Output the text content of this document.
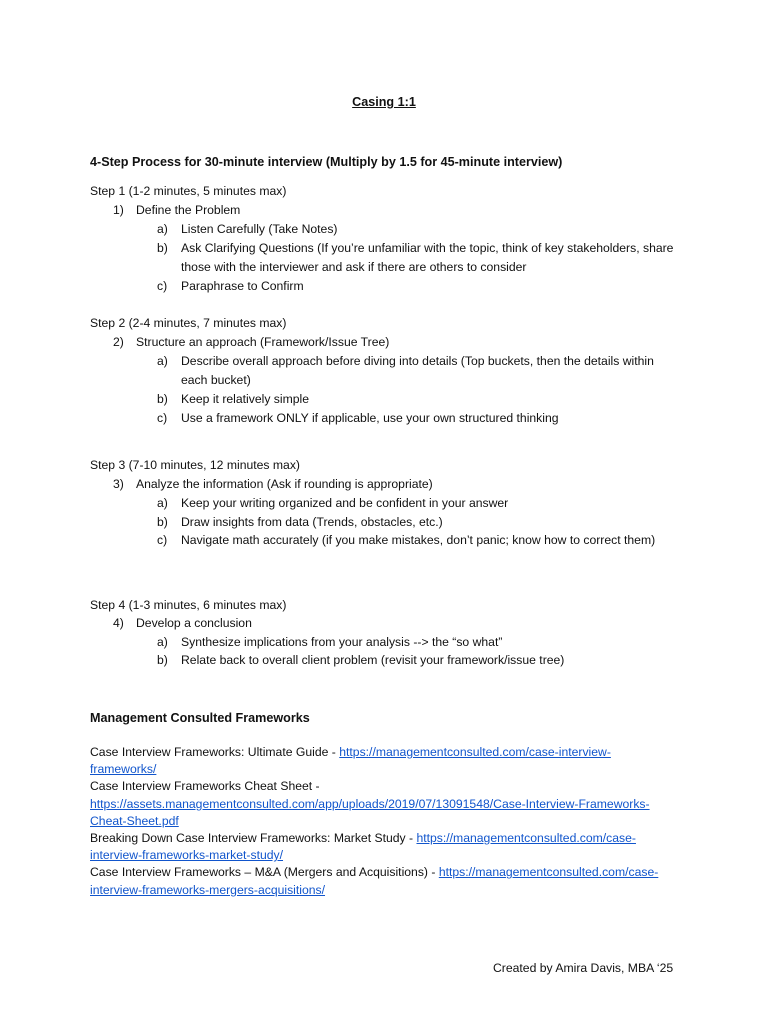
Casing 1:1
4-Step Process for 30-minute interview (Multiply by 1.5 for 45-minute interview)
Step 1 (1-2 minutes, 5 minutes max)
1) Define the Problem
a) Listen Carefully (Take Notes)
b) Ask Clarifying Questions (If you’re unfamiliar with the topic, think of key stakeholders, share those with the interviewer and ask if there are others to consider
c) Paraphrase to Confirm
Step 2 (2-4 minutes, 7 minutes max)
2) Structure an approach (Framework/Issue Tree)
a) Describe overall approach before diving into details (Top buckets, then the details within each bucket)
b) Keep it relatively simple
c) Use a framework ONLY if applicable, use your own structured thinking
Step 3 (7-10 minutes, 12 minutes max)
3) Analyze the information (Ask if rounding is appropriate)
a) Keep your writing organized and be confident in your answer
b) Draw insights from data (Trends, obstacles, etc.)
c) Navigate math accurately (if you make mistakes, don’t panic; know how to correct them)
Step 4 (1-3 minutes, 6 minutes max)
4) Develop a conclusion
a) Synthesize implications from your analysis --> the “so what”
b) Relate back to overall client problem (revisit your framework/issue tree)
Management Consulted Frameworks
Case Interview Frameworks: Ultimate Guide - https://managementconsulted.com/case-interview-frameworks/
Case Interview Frameworks Cheat Sheet - https://assets.managementconsulted.com/app/uploads/2019/07/13091548/Case-Interview-Frameworks-Cheat-Sheet.pdf
Breaking Down Case Interview Frameworks: Market Study - https://managementconsulted.com/case-interview-frameworks-market-study/
Case Interview Frameworks – M&A (Mergers and Acquisitions) - https://managementconsulted.com/case-interview-frameworks-mergers-acquisitions/
Created by Amira Davis, MBA ‘25
